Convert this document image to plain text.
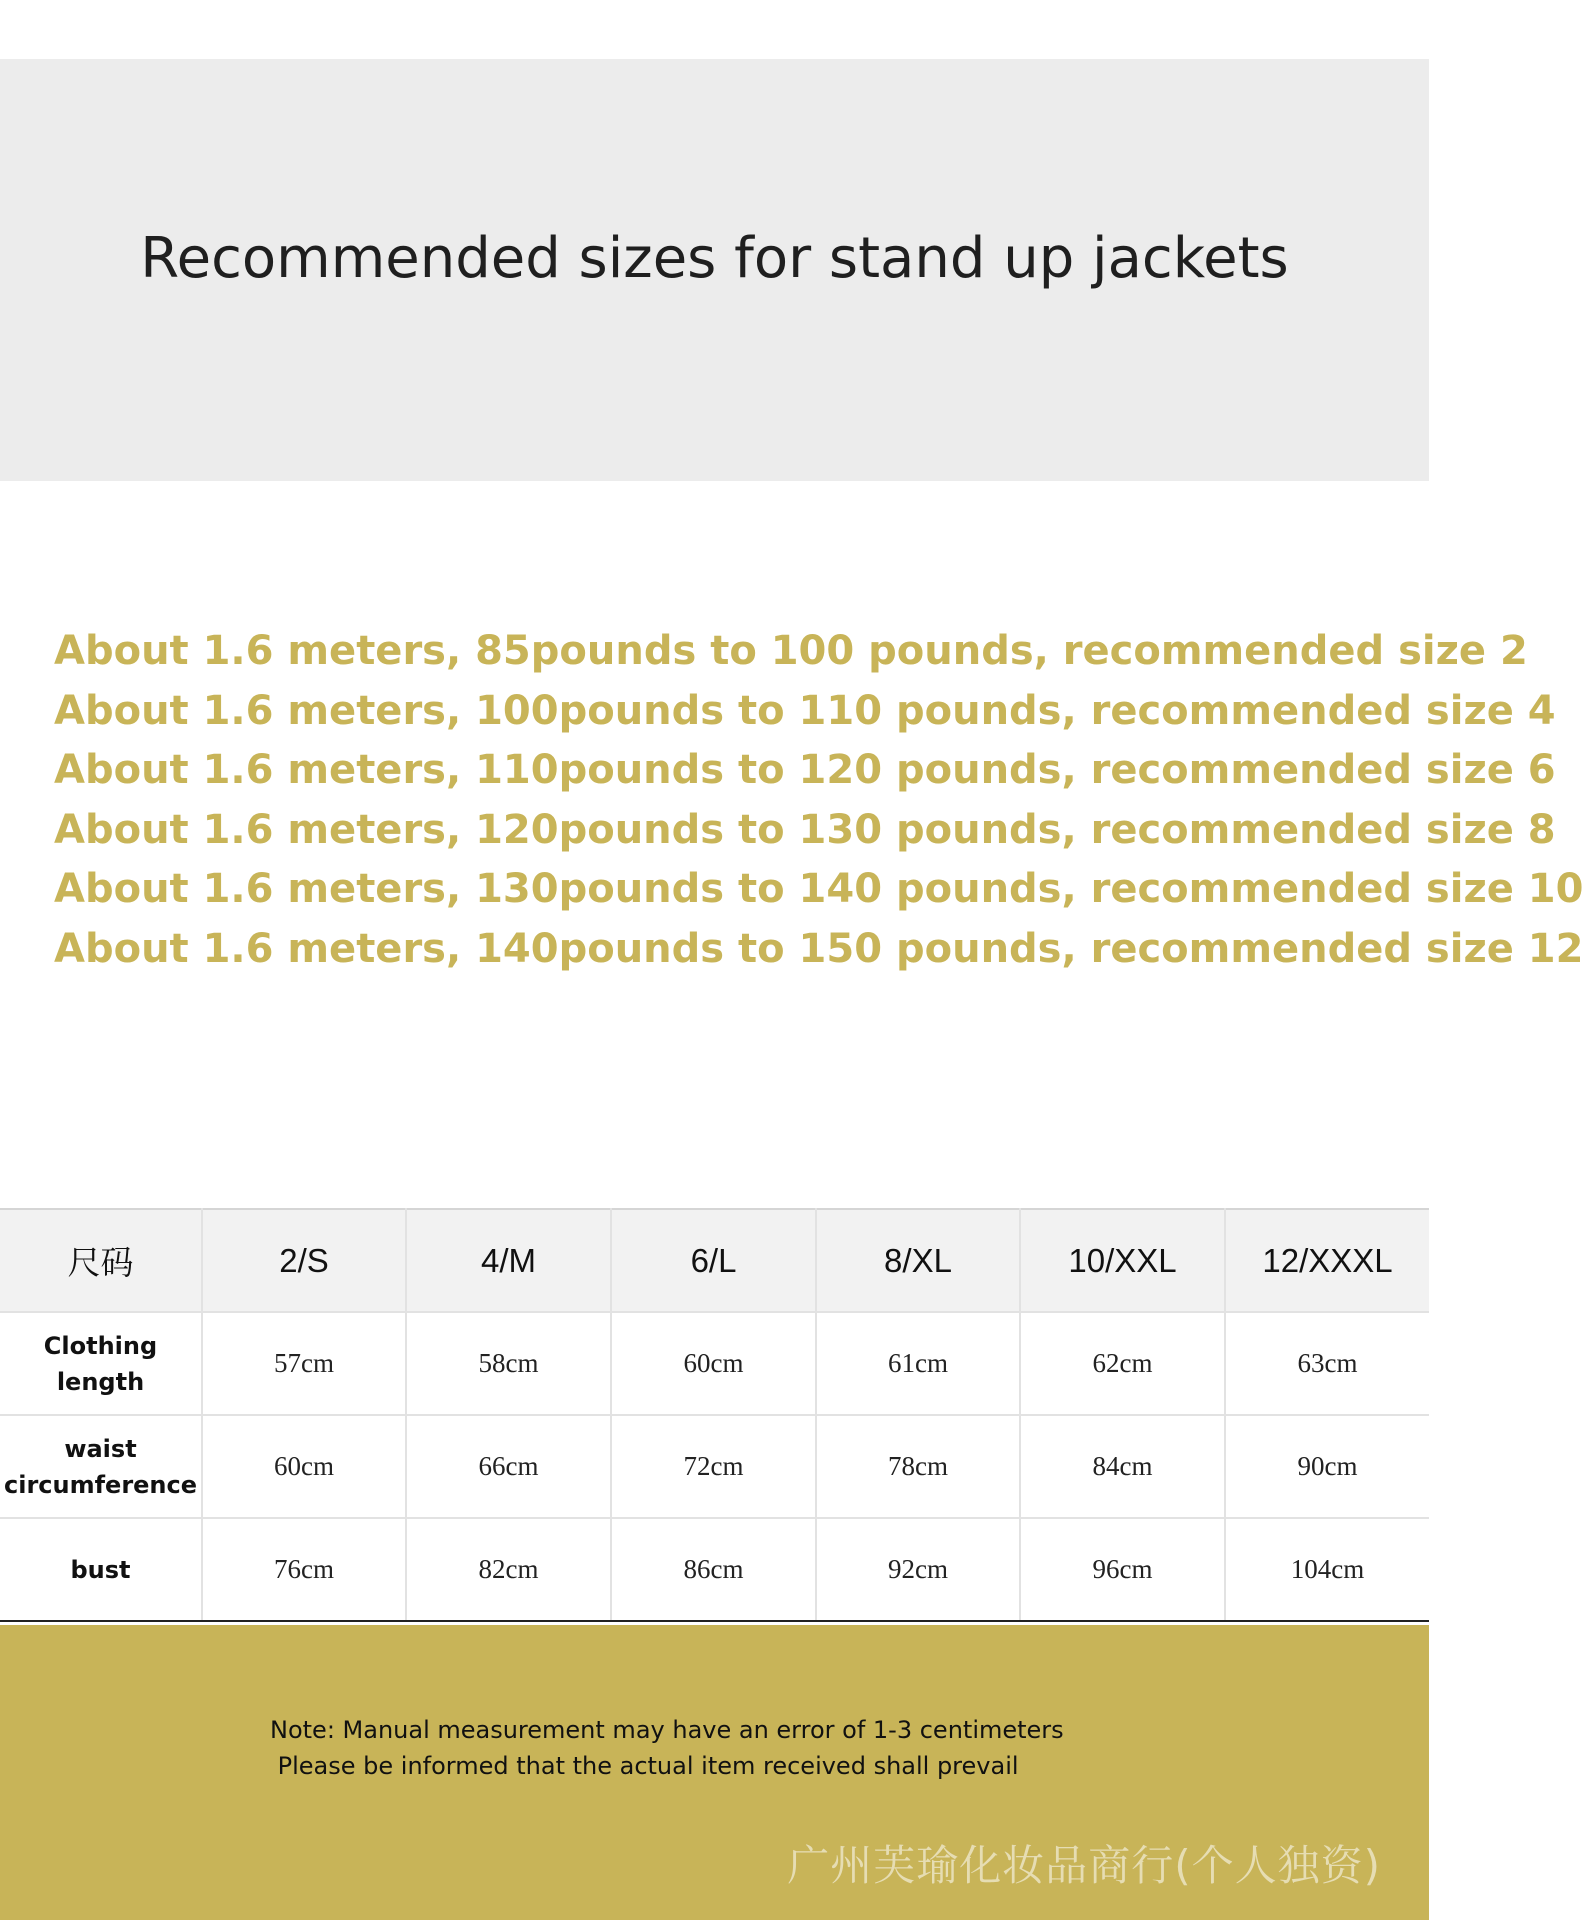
Recommended sizes for stand up jackets
About 1.6 meters, 85pounds to 100 pounds, recommended size 2
About 1.6 meters, 100pounds to 110 pounds, recommended size 4
About 1.6 meters, 110pounds to 120 pounds, recommended size 6
About 1.6 meters, 120pounds to 130 pounds, recommended size 8
About 1.6 meters, 130pounds to 140 pounds, recommended size 10
About 1.6 meters, 140pounds to 150 pounds, recommended size 12
尺码	2/S	4/M	6/L	8/XL	10/XXL	12/XXXL
Clothing length	57cm	58cm	60cm	61cm	62cm	63cm
waist circumference	60cm	66cm	72cm	78cm	84cm	90cm
bust	76cm	82cm	86cm	92cm	96cm	104cm
Note: Manual measurement may have an error of 1-3 centimeters
Please be informed that the actual item received shall prevail
广州芙瑜化妆品商行(个人独资)
